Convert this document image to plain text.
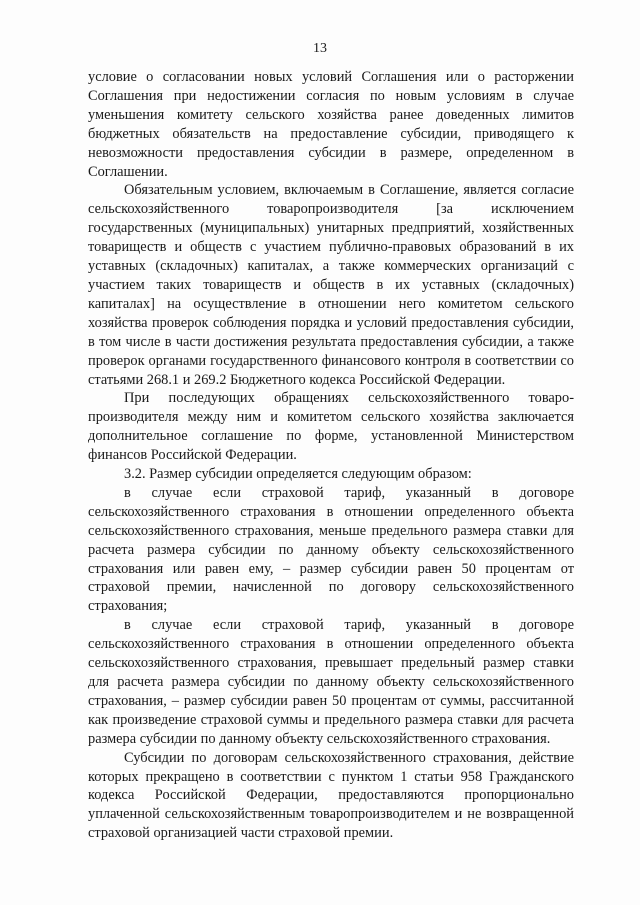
13

условие о согласовании новых условий Соглашения или о расторжении Соглашения при недостижении согласия по новым условиям в случае уменьшения комитету сельского хозяйства ранее доведенных лимитов бюджетных обязательств на предоставление субсидии, приводящего к невозможности предоставления субсидии в размере, определенном в Соглашении.

Обязательным условием, включаемым в Соглашение, является согласие сельскохозяйственного товаропроизводителя [за исключением государственных (муниципальных) унитарных предприятий, хозяйственных товариществ и обществ с участием публично-правовых образований в их уставных (складочных) капиталах, а также коммерческих организаций с участием таких товариществ и обществ в их уставных (складочных) капиталах] на осуществление в отношении него комитетом сельского хозяйства проверок соблюдения порядка и условий предоставления субсидии, в том числе в части достижения результата предоставления субсидии, а также проверок органами государственного финансового контроля в соответствии со статьями 268.1 и 269.2 Бюджетного кодекса Российской Федерации.

При последующих обращениях сельскохозяйственного товаропроизводителя между ним и комитетом сельского хозяйства заключается дополнительное соглашение по форме, установленной Министерством финансов Российской Федерации.

3.2. Размер субсидии определяется следующим образом:

в случае если страховой тариф, указанный в договоре сельскохозяйственного страхования в отношении определенного объекта сельскохозяйственного страхования, меньше предельного размера ставки для расчета размера субсидии по данному объекту сельскохозяйственного страхования или равен ему, – размер субсидии равен 50 процентам от страховой премии, начисленной по договору сельскохозяйственного страхования;

в случае если страховой тариф, указанный в договоре сельскохозяйственного страхования в отношении определенного объекта сельскохозяйственного страхования, превышает предельный размер ставки для расчета размера субсидии по данному объекту сельскохозяйственного страхования, – размер субсидии равен 50 процентам от суммы, рассчитанной как произведение страховой суммы и предельного размера ставки для расчета размера субсидии по данному объекту сельскохозяйственного страхования.

Субсидии по договорам сельскохозяйственного страхования, действие которых прекращено в соответствии с пунктом 1 статьи 958 Гражданского кодекса Российской Федерации, предоставляются пропорционально уплаченной сельскохозяйственным товаропроизводителем и не возвращенной страховой организацией части страховой премии.
